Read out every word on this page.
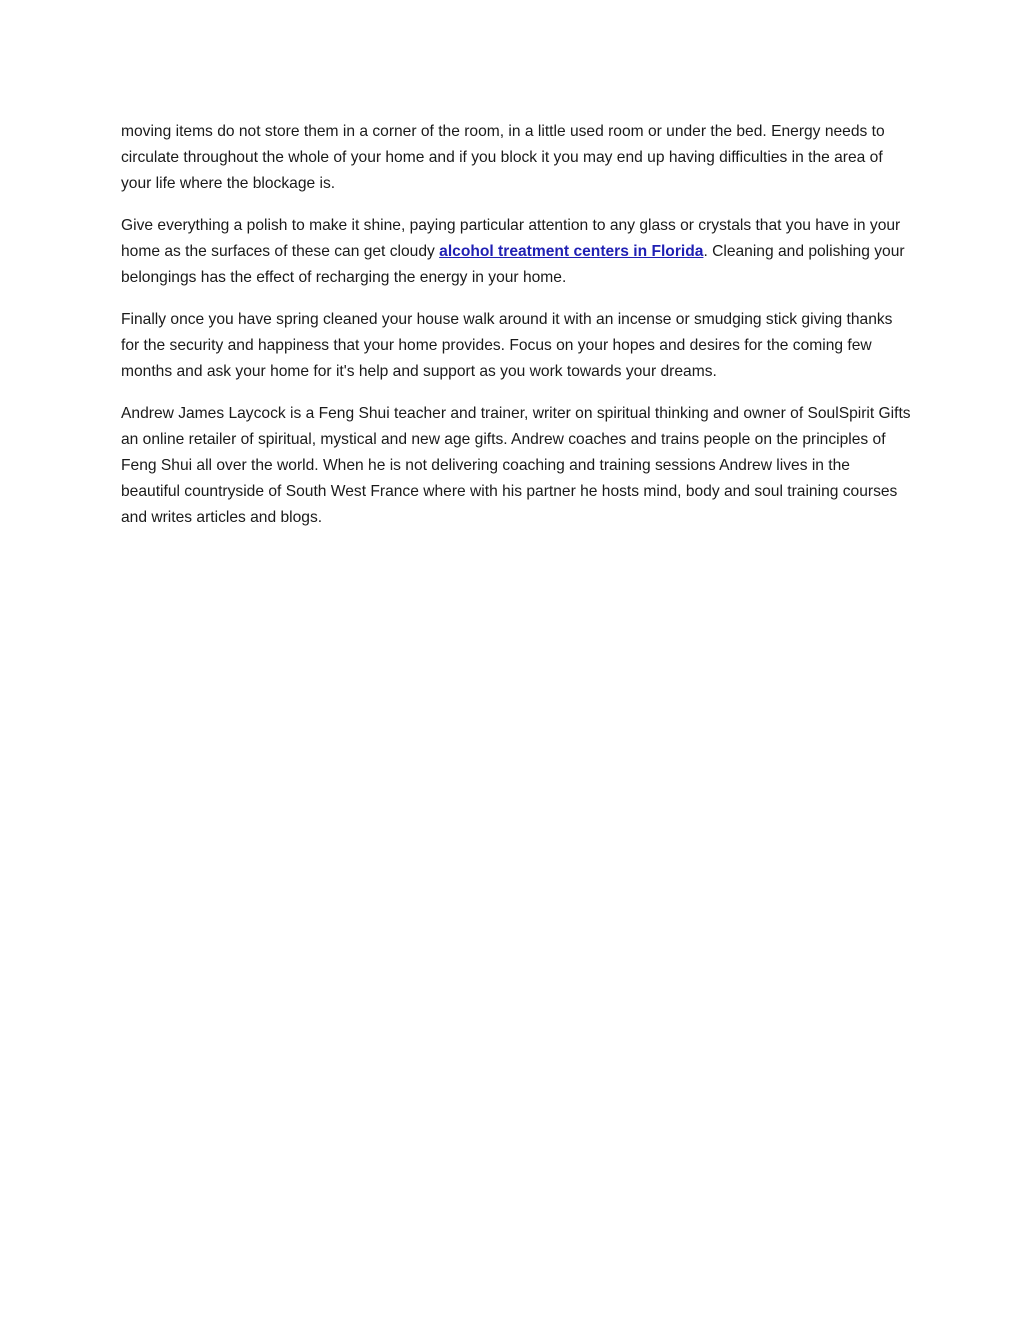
moving items do not store them in a corner of the room, in a little used room or under the bed. Energy needs to circulate throughout the whole of your home and if you block it you may end up having difficulties in the area of your life where the blockage is.

Give everything a polish to make it shine, paying particular attention to any glass or crystals that you have in your home as the surfaces of these can get cloudy alcohol treatment centers in Florida. Cleaning and polishing your belongings has the effect of recharging the energy in your home.

Finally once you have spring cleaned your house walk around it with an incense or smudging stick giving thanks for the security and happiness that your home provides. Focus on your hopes and desires for the coming few months and ask your home for it's help and support as you work towards your dreams.

Andrew James Laycock is a Feng Shui teacher and trainer, writer on spiritual thinking and owner of SoulSpirit Gifts an online retailer of spiritual, mystical and new age gifts. Andrew coaches and trains people on the principles of Feng Shui all over the world. When he is not delivering coaching and training sessions Andrew lives in the beautiful countryside of South West France where with his partner he hosts mind, body and soul training courses and writes articles and blogs.
